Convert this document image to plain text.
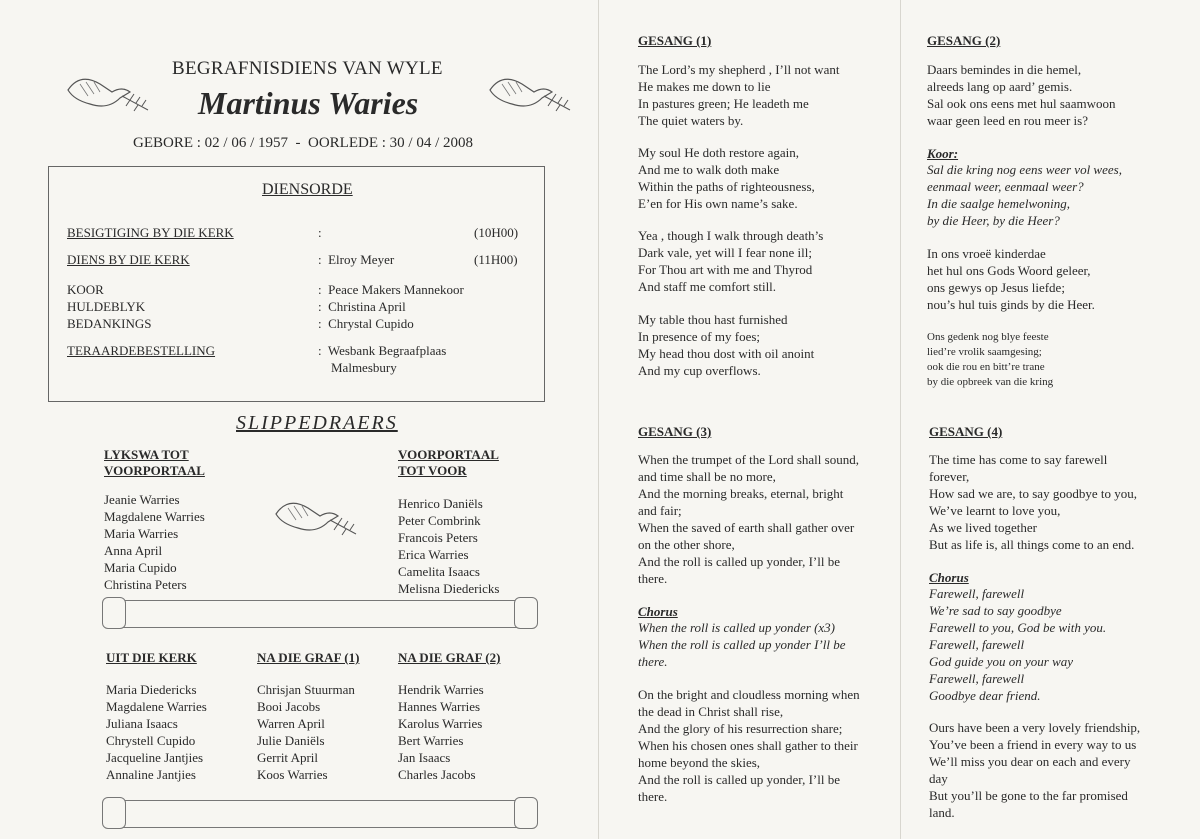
BEGRAFNISDIENS VAN WYLE
Martinus Waries
GEBORE : 02 / 06 / 1957  -  OORLEDE : 30 / 04 / 2008
DIENSORDE
BESIGTIGING BY DIE KERK	:	(10H00)
DIENS BY DIE KERK	:  Elroy Meyer	(11H00)
KOOR	:  Peace Makers Mannekoor
HULDEBLYK	:  Christina April
BEDANKINGS	:  Chrystal Cupido
TERAARDEBESTELLING	:  Wesbank Begraafplaas
Malmesbury
SLIPPEDRAERS
LYKSWA TOT
VOORPORTAAL
Jeanie Warries
Magdalene Warries
Maria Warries
Anna April
Maria Cupido
Christina Peters
VOORPORTAAL
TOT VOOR
Henrico Daniëls
Peter Combrink
Francois Peters
Erica Warries
Camelita Isaacs
Melisna Diedericks
UIT DIE KERK
Maria Diedericks
Magdalene Warries
Juliana Isaacs
Chrystell Cupido
Jacqueline Jantjies
Annaline Jantjies
NA DIE GRAF (1)
Chrisjan Stuurman
Booi Jacobs
Warren April
Julie Daniëls
Gerrit April
Koos Warries
NA DIE GRAF (2)
Hendrik Warries
Hannes Warries
Karolus Warries
Bert Warries
Jan Isaacs
Charles Jacobs
GESANG (1)
The Lord’s my shepherd , I’ll not want
He makes me down to lie
In pastures green; He leadeth me
The quiet waters by.
My soul He doth restore again,
And me to walk doth make
Within the paths of righteousness,
E’en for His own name’s sake.
Yea , though I walk through death’s
Dark vale, yet will I fear none ill;
For Thou art with me and Thyrod
And staff me comfort still.
My table thou hast furnished
In presence of my foes;
My head thou dost with oil anoint
And my cup overflows.
GESANG (3)
When the trumpet of the Lord shall sound,
and time shall be no more,
And the morning breaks, eternal, bright
and fair;
When the saved of earth shall gather over
on the other shore,
And the roll is called up yonder, I’ll be
there.
Chorus
When the roll is called up yonder (x3)
When the roll is called up yonder I’ll be
there.
On the bright and cloudless morning when
the dead in Christ shall rise,
And the glory of his resurrection share;
When his chosen ones shall gather to their
home beyond the skies,
And the roll is called up yonder, I’ll be
there.
GESANG (2)
Daars bemindes in die hemel,
alreeds lang op aard’ gemis.
Sal ook ons eens met hul saamwoon
waar geen leed en rou meer is?
Koor:
Sal die kring nog eens weer vol wees,
eenmaal weer, eenmaal weer?
In die saalge hemelwoning,
by die Heer, by die Heer?
In ons vroeë kinderdae
het hul ons Gods Woord geleer,
ons gewys op Jesus liefde;
nou’s hul tuis ginds by die Heer.
Ons gedenk nog blye feeste
lied’re vrolik saamgesing;
ook die rou en bitt’re trane
by die opbreek van die kring
GESANG (4)
The time has come to say farewell
forever,
How sad we are, to say goodbye to you,
We’ve learnt to love you,
As we lived together
But as life is, all things come to an end.
Chorus
Farewell, farewell
We’re sad to say goodbye
Farewell to you, God be with you.
Farewell, farewell
God guide you on your way
Farewell, farewell
Goodbye dear friend.
Ours have been a very lovely friendship,
You’ve been a friend in every way to us
We’ll miss you dear on each and every
day
But you’ll be gone to the far promised
land.
